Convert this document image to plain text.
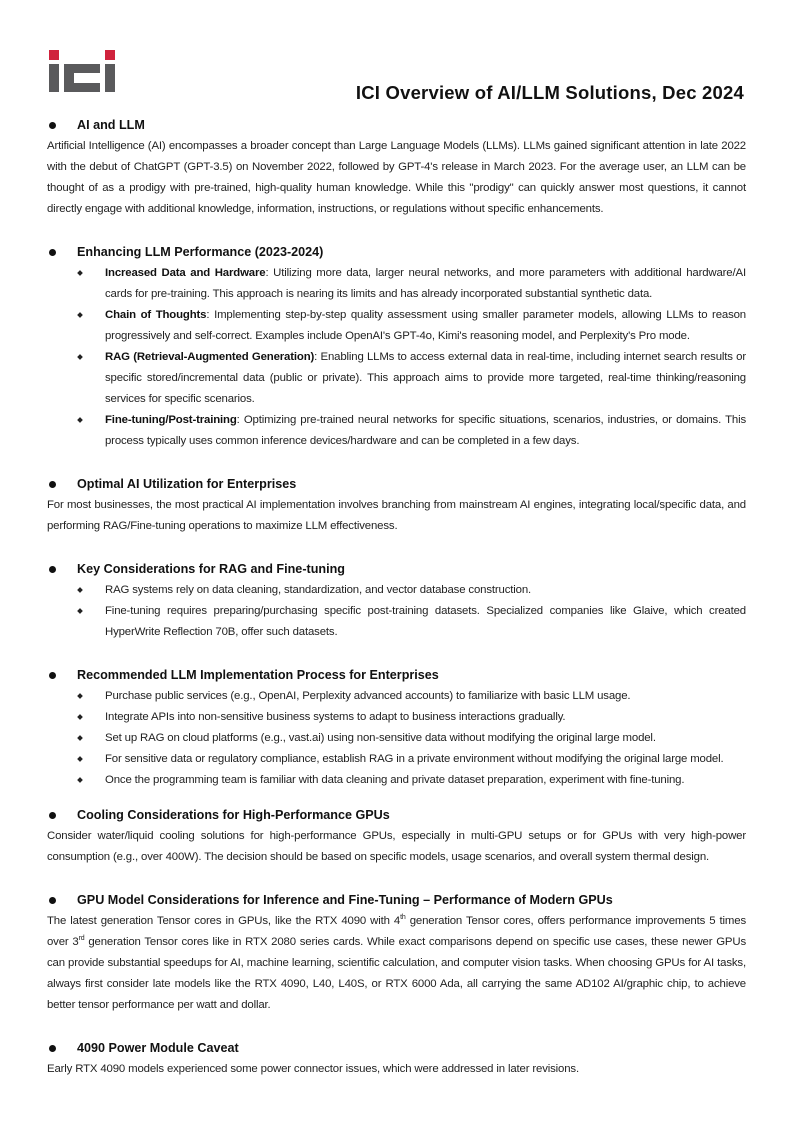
ICI Overview of AI/LLM Solutions, Dec 2024
AI and LLM
Artificial Intelligence (AI) encompasses a broader concept than Large Language Models (LLMs). LLMs gained significant attention in late 2022 with the debut of ChatGPT (GPT-3.5) on November 2022, followed by GPT-4's release in March 2023. For the average user, an LLM can be thought of as a prodigy with pre-trained, high-quality human knowledge. While this "prodigy" can quickly answer most questions, it cannot directly engage with additional knowledge, information, instructions, or regulations without specific enhancements.
Enhancing LLM Performance (2023-2024)
Increased Data and Hardware: Utilizing more data, larger neural networks, and more parameters with additional hardware/AI cards for pre-training. This approach is nearing its limits and has already incorporated substantial synthetic data.
Chain of Thoughts: Implementing step-by-step quality assessment using smaller parameter models, allowing LLMs to reason progressively and self-correct. Examples include OpenAI's GPT-4o, Kimi's reasoning model, and Perplexity's Pro mode.
RAG (Retrieval-Augmented Generation): Enabling LLMs to access external data in real-time, including internet search results or specific stored/incremental data (public or private). This approach aims to provide more targeted, real-time thinking/reasoning services for specific scenarios.
Fine-tuning/Post-training: Optimizing pre-trained neural networks for specific situations, scenarios, industries, or domains. This process typically uses common inference devices/hardware and can be completed in a few days.
Optimal AI Utilization for Enterprises
For most businesses, the most practical AI implementation involves branching from mainstream AI engines, integrating local/specific data, and performing RAG/Fine-tuning operations to maximize LLM effectiveness.
Key Considerations for RAG and Fine-tuning
RAG systems rely on data cleaning, standardization, and vector database construction.
Fine-tuning requires preparing/purchasing specific post-training datasets. Specialized companies like Glaive, which created HyperWrite Reflection 70B, offer such datasets.
Recommended LLM Implementation Process for Enterprises
Purchase public services (e.g., OpenAI, Perplexity advanced accounts) to familiarize with basic LLM usage.
Integrate APIs into non-sensitive business systems to adapt to business interactions gradually.
Set up RAG on cloud platforms (e.g., vast.ai) using non-sensitive data without modifying the original large model.
For sensitive data or regulatory compliance, establish RAG in a private environment without modifying the original large model.
Once the programming team is familiar with data cleaning and private dataset preparation, experiment with fine-tuning.
Cooling Considerations for High-Performance GPUs
Consider water/liquid cooling solutions for high-performance GPUs, especially in multi-GPU setups or for GPUs with very high-power consumption (e.g., over 400W). The decision should be based on specific models, usage scenarios, and overall system thermal design.
GPU Model Considerations for Inference and Fine-Tuning – Performance of Modern GPUs
The latest generation Tensor cores in GPUs, like the RTX 4090 with 4th generation Tensor cores, offers performance improvements 5 times over 3rd generation Tensor cores like in RTX 2080 series cards. While exact comparisons depend on specific use cases, these newer GPUs can provide substantial speedups for AI, machine learning, scientific calculation, and computer vision tasks. When choosing GPUs for AI tasks, always first consider late models like the RTX 4090, L40, L40S, or RTX 6000 Ada, all carrying the same AD102 AI/graphic chip, to achieve better tensor performance per watt and dollar.
4090 Power Module Caveat
Early RTX 4090 models experienced some power connector issues, which were addressed in later revisions.
